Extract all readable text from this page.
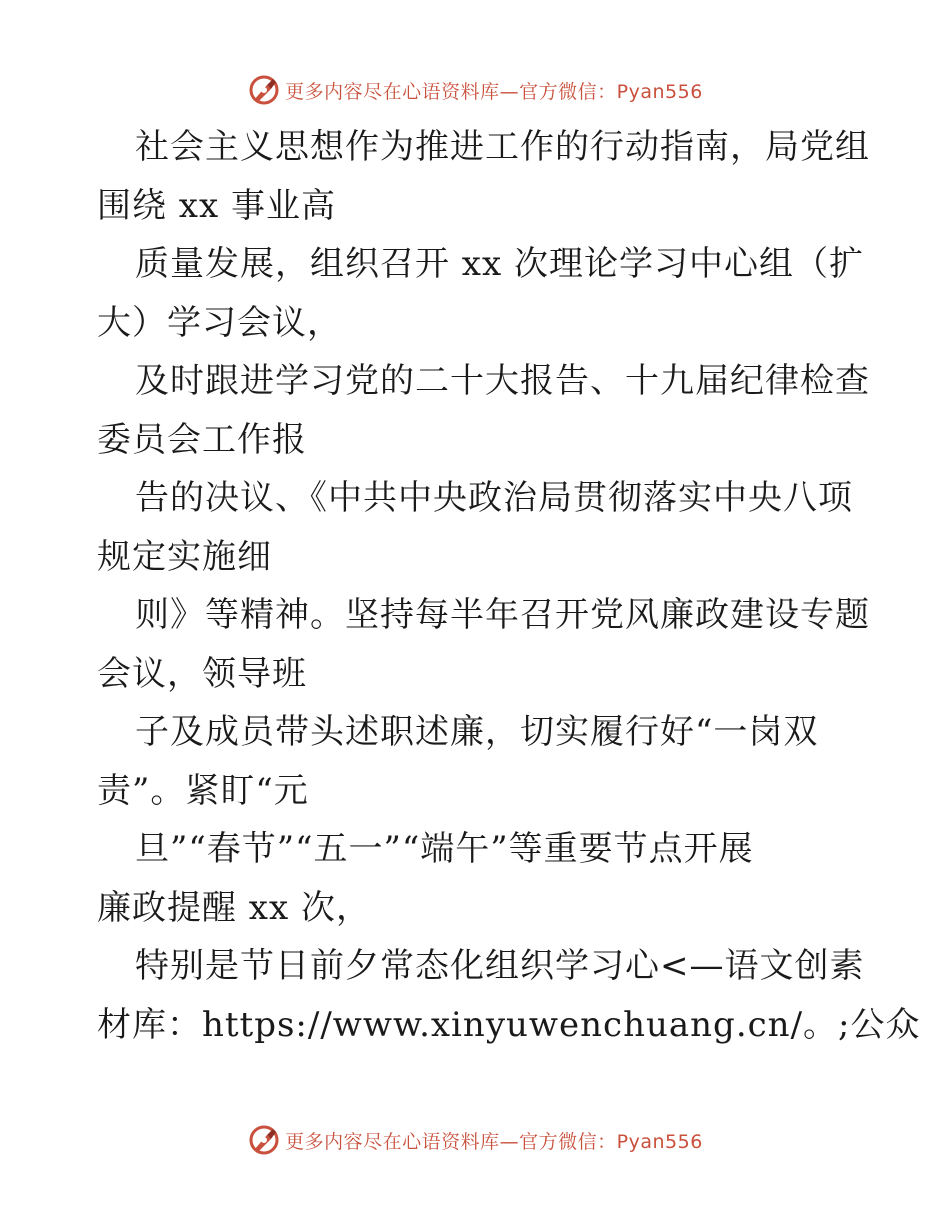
更多内容尽在心语资料库—官方微信：Pyan556
社会主义思想作为推进工作的行动指南，局党组
围绕 xx 事业高
质量发展，组织召开 xx 次理论学习中心组（扩
大）学习会议，
及时跟进学习党的二十大报告、十九届纪律检查
委员会工作报
告的决议、《中共中央政治局贯彻落实中央八项
规定实施细
则》等精神。坚持每半年召开党风廉政建设专题
会议，领导班
子及成员带头述职述廉，切实履行好“一岗双
责”。紧盯“元
旦”“春节”“五一”“端午”等重要节点开展
廉政提醒 xx 次，
特别是节日前夕常态化组织学习心<—语文创素
材库：https://www.xinyuwenchuang.cn/。;公众
更多内容尽在心语资料库—官方微信：Pyan556
